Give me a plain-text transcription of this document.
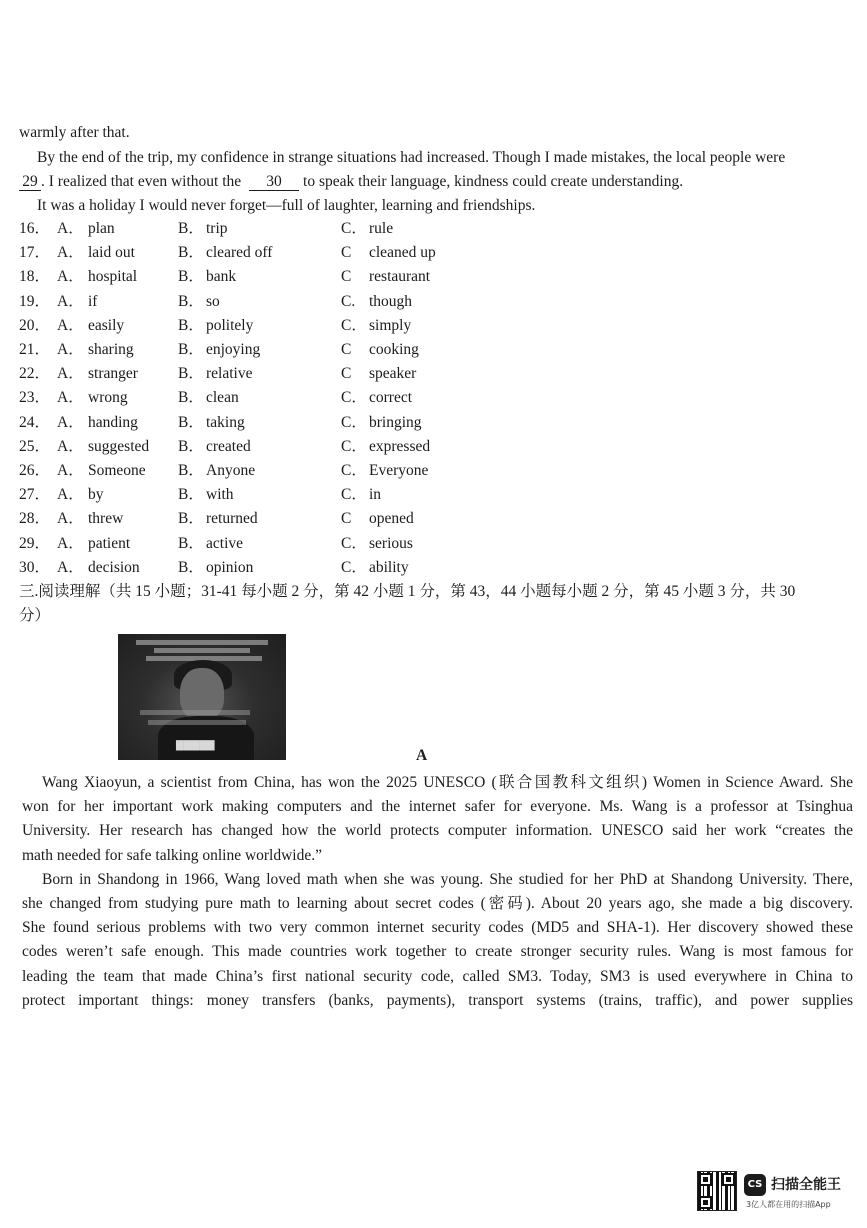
warmly after that.
By the end of the trip, my confidence in strange situations had increased. Though I made mistakes, the local people were
29 . I realized that even without the 30 to speak their language, kindness could create understanding.
It was a holiday I would never forget—full of laughter, learning and friendships.
16． A． plan	B． trip	C． rule
17． A． laid out	B． cleared off	C cleaned up
18． A． hospital	B． bank	C restaurant
19． A． if	B． so	C. though
20． A． easily	B． politely	C． simply
21． A． sharing	B． enjoying	C cooking
22． A． stranger	B． relative	C speaker
23． A． wrong	B． clean	C． correct
24． A． handing	B． taking	C． bringing
25． A． suggested B． created	C． expressed
26． A． Someone B． Anyone	C． Everyone
27． A． by	B． with	C． in
28． A． threw	B． returned	C opened
29． A． patient	B． active	C． serious
30． A． decision B． opinion	C． ability
三.阅读理解（共 15 小题；31-41 每小题 2 分，第 42 小题 1 分，第 43，44 小题每小题 2 分，第 45 小题 3 分，共 30
分）
▇▇▇▇▇
A
Wang Xiaoyun, a scientist from China, has won the 2025 UNESCO (联合国教科文组织) Women in Science Award. She
won for her important work making computers and the internet safer for everyone. Ms. Wang is a professor at Tsinghua
University. Her research has changed how the world protects computer information. UNESCO said her work “creates the
math needed for safe talking online worldwide.”
Born in Shandong in 1966, Wang loved math when she was young. She studied for her PhD at Shandong University. There,
she changed from studying pure math to learning about secret codes (密码). About 20 years ago, she made a big discovery.
She found serious problems with two very common internet security codes (MD5 and SHA-1). Her discovery showed these
codes weren’t safe enough. This made countries work together to create stronger security rules. Wang is most famous for
leading the team that made China’s first national security code, called SM3. Today, SM3 is used everywhere in China to
protect important things: money transfers (banks, payments), transport systems (trains, traffic), and power supplies
CS 扫描全能王
3亿人都在用的扫描App
